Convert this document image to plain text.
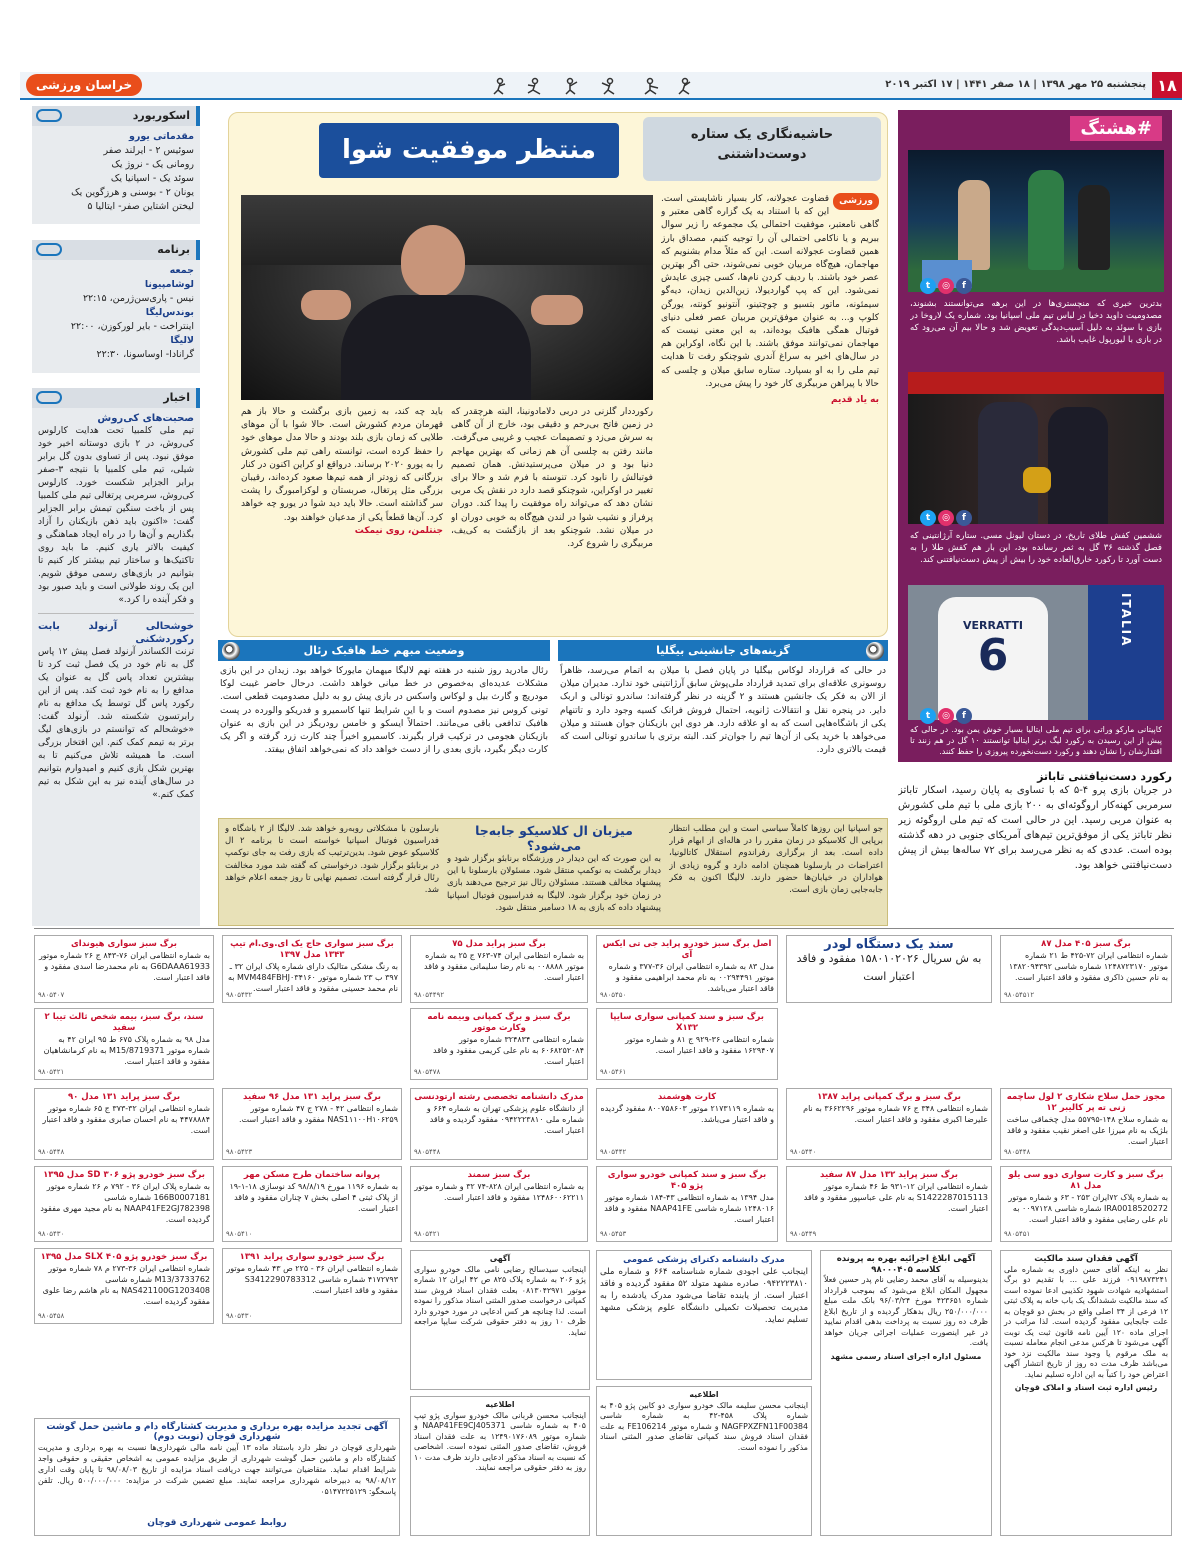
۱۸
پنجشنبه ۲۵ مهر ۱۳۹۸ | ۱۸ صفر ۱۴۴۱ | ۱۷ اکتبر ۲۰۱۹
خراسان ورزشی
اسکوربورد
مقدماتی یورو
سوئیس ۲ - ایرلند صفر
رومانی یک - نروژ یک
سوئد یک - اسپانیا یک
یونان ۲ - بوسنی و هرزگوین یک
لیختن اشتاین صفر- ایتالیا ۵
برنامه
جمعه
لوشامپیونا
نیس - پاری‌سن‌ژرمن، ۲۲:۱۵
بوندس‌لیگا
اینتراخت - بایر لورکوزن، ۲۲:۰۰
لالیگا
گرانادا- اوساسونا، ۲۲:۳۰
اخبار
صحبت‌های کی‌روش
تیم ملی کلمبیا تحت هدایت کارلوس کی‌روش، در ۲ بازی دوستانه اخیر خود موفق نبود. پس از تساوی بدون گل برابر شیلی، تیم ملی کلمبیا با نتیجه ۳-صفر برابر الجزایر شکست خورد. کارلوس کی‌روش، سرمربی پرتغالی تیم ملی کلمبیا پس از باخت سنگین تیمش برابر الجزایر گفت: «اکنون باید ذهن بازیکنان را آزاد بگذاریم و آن‌ها را در راه ایجاد هماهنگی و کیفیت بالاتر یاری کنیم. ما باید روی تاکتیک‌ها و ساختار تیم بیشتر کار کنیم تا بتوانیم در بازی‌های رسمی موفق شویم. این یک روند طولانی است و باید صبور بود و فکر آینده را کرد.»
خوشحالی آرنولد بابت رکوردشکنی
ترنت الکساندر آرنولد فصل پیش ۱۲ پاس گل به نام خود در یک فصل ثبت کرد تا بیشترین تعداد پاس گل به عنوان یک مدافع را به نام خود ثبت کند. پس از این رکورد پاس گل توسط یک مدافع به نام رابرتسون شکسته شد. آرنولد گفت: «خوشحالم که توانستم در بازی‌های لیگ برتر به تیمم کمک کنم. این افتخار بزرگی است. ما همیشه تلاش می‌کنیم تا به بهترین شکل بازی کنیم و امیدوارم بتوانیم در سال‌های آینده نیز به این شکل به تیم کمک کنم.»
#هشتگ
t	◎	f
بدترین خبری که منچستری‌ها در این برهه می‌توانستند بشنوند، مصدومیت داوید دخیا در لباس تیم ملی اسپانیا بود. شماره یک لاروخا در بازی با سوئد به دلیل آسیب‌دیدگی تعویض شد و حالا بیم آن می‌رود که در بازی با لیورپول غایب باشد.
t	◎	f
ششمین کفش طلای تاریخ، در دستان لیونل مسی. ستاره آرژانتینی که فصل گذشته ۳۶ گل به ثمر رسانده بود، این بار هم کفش طلا را به دست آورد تا رکورد خارق‌العاده خود را بیش از پیش دست‌نیافتنی کند.
VERRATTI
6
ITALIA
t	◎	f
کاپیتانی مارکو وراتی برای تیم ملی ایتالیا بسیار خوش یمن بود. در حالی که پیش از این رسیدن به رکورد لیگ برتر ایتالیا توانستند ۱۰ گل در هم زنند تا اقتدارشان را نشان دهند و رکورد دست‌نخورده پیروزی را حفظ کنند.
رکورد دست‌نیافتنی تاباتز
در جریان بازی پرو ۴-۵ که با تساوی به پایان رسید، اسکار تاباتز سرمربی کهنه‌کار اروگوئه‌ای به ۲۰۰ بازی ملی با تیم ملی کشورش به عنوان مربی رسید. این در حالی است که تیم ملی اروگوئه زیر نظر تاباتز یکی از موفق‌ترین تیم‌های آمریکای جنوبی در دهه گذشته بوده است. عددی که به نظر می‌رسد برای ۷۲ ساله‌ها بیش از پیش دست‌نیافتنی خواهد بود.
حاشیه‌نگاری یک ستاره دوست‌داشتنی
منتظر موفقیت شوا
ورزشی
قضاوت عجولانه، کار بسیار ناشایستی است. این که با استناد به یک گزاره گاهی معتبر و گاهی نامعتبر، موفقیت احتمالی یک مجموعه را زیر سوال ببریم و یا ناکامی احتمالی آن را توجیه کنیم، مصداق بارز همین قضاوت عجولانه است. این که مثلاً مدام بشنویم که مهاجمان، هیچ‌گاه مربیان خوبی نمی‌شوند، حتی اگر بهترین عصر خود باشند. با ردیف کردن نام‌ها، کسی چیزی عایدش نمی‌شود. این که پپ گواردیولا، زین‌الدین زیدان، دیه‌گو سیمئونه، ماتور بتسیو و چوچتینو، آنتونیو کونته، یورگن کلوپ و... به عنوان موفق‌ترین مربیان عصر فعلی دنیای فوتبال همگی هافبک بوده‌اند، به این معنی نیست که مهاجمان نمی‌توانند موفق باشند. با این نگاه، اوکراین هم در سال‌های اخیر به سراغ آندری شوچنکو رفت تا هدایت تیم ملی را به او بسپارد. ستاره سابق میلان و چلسی که حالا با پیراهن مربیگری کار خود را پیش می‌برد.
به یاد قدیم
رکورددار گلزنی در دربی دلامادونینا، البته هرچقدر که در زمین فاتح بی‌رحم و دقیقی بود، خارج از آن گاهی به سرش می‌زد و تصمیمات عجیب و غریبی می‌گرفت. مانند رفتن به چلسی آن هم زمانی که بهترین مهاجم دنیا بود و در میلان می‌پرستیدنش. همان تصمیم فوتبالش را نابود کرد. تنوسته با فرم شد و حالا برای تغییر در اوکراین، شوچنکو قصد دارد در نقش یک مربی نشان دهد که می‌تواند راه موفقیت را پیدا کند. دوران پرفراز و نشیب شوا در لندن هیچ‌گاه به خوبی دوران او در میلان نشد. شوچنکو بعد از بازگشت به کی‌یف، مربیگری را شروع کرد.
باید چه کند، به زمین بازی برگشت و حالا باز هم قهرمان مردم کشورش است. حالا شوا با آن موهای طلایی که زمان بازی بلند بودند و حالا مدل موهای خود را حفظ کرده است، توانسته راهی تیم ملی کشورش را به یورو ۲۰۲۰ برساند. درواقع او کراین اکنون در کنار بزرگانی که زودتر از همه تیم‌ها صعود کرده‌اند، رقیبان بزرگی مثل پرتغال، صربستان و لوکزامبورگ را پشت سر گذاشته است. حالا باید دید شوا در یورو چه خواهد کرد. آن‌ها قطعاً یکی از مدعیان خواهند بود.
جنتلمن، روی نیمکت
گزینه‌های جانشینی بیگلیا
در حالی که قرارداد لوکاس بیگلیا در پایان فصل با میلان به اتمام می‌رسد، ظاهراً روسونری علاقه‌ای برای تمدید قرارداد ملی‌پوش سابق آرژانتینی خود ندارد. مدیران میلان از الان به فکر یک جانشین هستند و ۲ گزینه در نظر گرفته‌اند: ساندرو تونالی و اربک دایر. در پنجره نقل و انتقالات ژانویه، احتمال فروش فرانک کسیه وجود دارد و تاتنهام یکی از باشگاه‌هایی است که به او علاقه دارد. هر دوی این بازیکنان جوان هستند و میلان می‌خواهد با خرید یکی از آن‌ها تیم را جوان‌تر کند. البته برتری با ساندرو تونالی است که قیمت بالاتری دارد.
وضعیت مبهم خط هافبک رئال
رئال مادرید روز شنبه در هفته نهم لالیگا میهمان مایورکا خواهد بود. زیدان در این بازی مشکلات عدیده‌ای به‌خصوص در خط میانی خواهد داشت. درحال حاضر غیبت لوکا مودریچ و گارث بیل و لوکاس واسکس در بازی پیش رو به دلیل مصدومیت قطعی است. تونی کروس نیز مصدوم است و با این شرایط تنها کاسمیرو و فدریکو والورده در پست هافبک تدافعی باقی می‌مانند. احتمالاً ایسکو و خامس رودریگز در این بازی به عنوان بازیکنان هجومی در ترکیب قرار بگیرند. کاسمیرو اخیراً چند کارت زرد گرفته و اگر یک کارت دیگر بگیرد، بازی بعدی را از دست خواهد داد که نمی‌خواهد اتفاق بیفتد.
میزبان ال کلاسیکو جابه‌جا می‌شود؟
جو اسپانیا این روزها کاملاً سیاسی است و این مطلب انتظار برپایی ال کلاسیکو در زمان مقرر را در هاله‌ای از ابهام قرار داده است. بعد از برگزاری رفراندوم استقلال کاتالونیا، اعتراضات در بارسلونا همچنان ادامه دارد و گروه زیادی از هواداران در خیابان‌ها حضور دارند. لالیگا اکنون به فکر جابه‌جایی زمان بازی است.
به این صورت که این دیدار در ورزشگاه برنابئو برگزار شود و دیدار برگشت به نوکمپ منتقل شود. مسئولان بارسلونا با این پیشنهاد مخالف هستند. مسئولان رئال نیز ترجیح می‌دهند بازی در زمان خود برگزار شود. لالیگا به فدراسیون فوتبال اسپانیا پیشنهاد داده که بازی به ۱۸ دسامبر منتقل شود.
بارسلون با مشکلاتی روبه‌رو خواهد شد. لالیگا از ۲ باشگاه و فدراسیون فوتبال اسپانیا خواسته است تا برنامه ۲ ال کلاسیکو عوض شود. بدین‌ترتیب که بازی رفت به جای نوکمپ در برنابئو برگزار شود. درخواستی که گفته شد مورد مخالفت رئال قرار گرفته است. تصمیم نهایی تا روز جمعه اعلام خواهد شد.
برگ سبز ۴۰۵ مدل ۸۷
شماره انتظامی ایران ۷۲-۴۲۵ ط ۲۱ شماره موتور ۱۲۴۸۷۲۳۱۷۰ شماره شاسی ۱۳۸۲۰۹۴۳۹۲ به نام حسین ذاکری مفقود و فاقد اعتبار است.
۹۸۰۵۴۵۱۲
سند یک دستگاه لودر
به ش سریال ۱۵۸۰۱۰۲۰۲۶ مفقود و فاقد اعتبار است
اصل برگ سبز خودرو پراید جی تی ایکس آی
مدل ۸۳ به شماره انتظامی ایران ۳۶-۳۷۷ و شماره موتور ۰۰۲۹۴۴۹۱ به نام محمد ابراهیمی مفقود و فاقد اعتبار می‌باشد.
۹۸۰۵۴۵۰
برگ سبز پراید مدل ۷۵
به شماره انتظامی ایران ۷۴-۷۶۳ ج ۲۵ به شماره موتور ۰۰۸۸۸۸ به نام رضا سلیمانی مفقود و فاقد اعتبار است.
۹۸۰۵۴۴۹۲
برگ سبز سواری حاج یک ای.وی.ام تیپ ۱۳۴۳ مدل ۱۳۹۷
به رنگ مشکی متالیک دارای شماره پلاک ایران ۳۲ ـ ۳۹۷ ب ۲۳ شماره موتور MVM484FBHJ۰۳۴۱۶۰ به نام محمد حسینی مفقود و فاقد اعتبار است.
۹۸۰۵۴۳۲
برگ سبز سواری هیوندای
به شماره انتظامی ایران ۷۶-۸۴۳ ج ۲۶ شماره موتور G6DAAA61933 به نام محمدرضا اسدی مفقود و فاقد اعتبار است.
۹۸۰۵۴۰۷
برگ سبز و سند کمپانی سواری سایپا X۱۳۲
شماره انتظامی ۳۶-۹۲۹ ج ۸۱ و شماره موتور ۱۶۲۹۴۰۷ مفقود و فاقد اعتبار است.
۹۸۰۵۴۶۱
برگ سبز و برگ کمپانی وبیمه نامه وکارت موتور
شماره انتظامی ۳۲۴۸۳۴ شماره موتور ۶۰۶۸۲۵۲۰۸۴ به نام علی کریمی مفقود و فاقد اعتبار است.
۹۸۰۵۴۷۸
سند، برگ سبز، بیمه شخص ثالث تیبا ۲ سفید
مدل ۹۸ به شماره پلاک ۶۷۵ ط ۹۵ ایران ۴۲ به شماره موتور M15/8719371 به نام کرمانشاهیان مفقود و فاقد اعتبار است.
۹۸۰۵۴۲۱
مجوز حمل سلاح شکاری ۲ لول ساچمه زنی ته پر کالیبر ۱۲
به شماره سلاح ۱۴۸-۵۵۷۹۵ مدل چخماقی ساخت بلژیک به نام میرزا علی اصغر نقیب مفقود و فاقد اعتبار است.
۹۸۰۵۴۴۸
برگ سبز و برگ کمپانی پراید ۱۳۸۷
شماره انتظامی ۳۴۸ ج ۷۶ شماره موتور ۳۶۶۲۲۹۶ به نام علیرضا اکبری مفقود و فاقد اعتبار است.
۹۸۰۵۴۴۰
کارت هوشمند
به شماره ۲۱۷۳۱۱۹ موتور ۸۰۰۷۵۸۶۰۳ مفقود گردیده و فاقد اعتبار می‌باشد.
۹۸۰۵۴۴۲
مدرک دانشنامه تخصصی رشته ارتودنسی
از دانشگاه علوم پزشکی تهران به شماره ۶۶۴ و شماره ملی ۰۹۴۲۲۲۳۸۱۰ مفقود گردیده و فاقد اعتبار است.
۹۸۰۵۴۴۸
برگ سبز پراید ۱۳۱ مدل ۹۶ سفید
شماره انتظامی ۴۲ - ۲۷۸ ج ۴۷ شماره موتور NAS1۱۱۰۰H۱۰۶۲۵۹ مفقود و فاقد اعتبار است.
۹۸۰۵۴۲۳
برگ سبز پراید ۱۳۱ مدل ۹۰
شماره انتظامی ایران ۳۲-۳۷۳ ج ۶۵ شماره موتور ۴۴۷۸۸۸۴ به نام احسان صابری مفقود و فاقد اعتبار است.
۹۸۰۵۴۴۸
برگ سبز خودرو پژو ۳۰۶ SD مدل ۱۳۹۵
به شماره پلاک ایران ۳۶ - ۷۹۲ م ۲۶ شماره موتور 166B0007181 شماره شاسی NAAP41FE2GJ782398 به نام مجید مهری مفقود گردیده است.
۹۸۰۵۴۳۰
پروانه ساختمان طرح مسکن مهر
به شماره ۱۱۹۶ مورخ ۹۸/۸/۱۹ کد نوسازی ۱۸-۱-۱۹ از پلاک ثبتی ۴ اصلی بخش ۷ چناران مفقود و فاقد اعتبار است.
۹۸۰۵۴۱۰
برگ سبز و سند کمپانی خودرو سواری پژو ۴۰۵
مدل ۱۳۹۴ به شماره انتظامی ۴۳-۱۸۴ شماره موتور ۱۲۴۸۰۱۶ شماره شاسی NAAP41FE مفقود و فاقد اعتبار است.
۹۸۰۵۴۵۳
برگ سبز پراید ۱۳۲ مدل ۸۷ سفید
شماره انتظامی ایران ۱۲-۹۳۱ ط ۴۶ شماره موتور S1422287015113 به نام علی عباسپور مفقود و فاقد اعتبار است.
۹۸۰۵۴۴۹
برگ سبز و کارت سواری دوو سی یلو مدل ۸۱
به شماره پلاک ۷۲ایران ۲۵۳ - ۶۳ و شماره موتور IRA0018520272 شماره شاسی ۰۰۹۷۱۲۸ به نام علی رضایی مفقود و فاقد اعتبار است.
۹۸۰۵۴۵۱
برگ سبز سمند
به شماره انتظامی ایران ۸۲۸-۷۴ ۳۲ و شماره موتور ۱۲۴۸۶۰۰۶۲۲۱۱ مفقود و فاقد اعتبار است.
۹۸۰۵۴۲۱
برگ سبز خودرو سواری پراید ۱۳۹۱
شماره انتظامی ایران ۳۶ - ۲۲۵ ص ۴۳ شماره موتور ۴۱۷۲۷۹۳ شماره شاسی S3412290783312 مفقود و فاقد اعتبار است.
۹۸۰۵۴۳۰
برگ سبز خودرو پژو SLX ۴۰۵ مدل ۱۳۹۵
شماره انتظامی ایران ۳۶-۲۷۳ م ۷۸ شماره موتور M13/3733762 شماره شاسی NAS421100G1203408 به نام هاشم رضا علوی مفقود گردیده است.
۹۸۰۵۴۵۸
آگهی تجدید مزایده بهره برداری و مدیریت کشتارگاه دام و ماشین حمل گوشت شهرداری قوچان (نوبت دوم)
شهرداری قوچان در نظر دارد باستناد ماده ۱۳ آیین نامه مالی شهرداری‌ها نسبت به بهره برداری و مدیریت کشتارگاه دام و ماشین حمل گوشت شهرداری از طریق مزایده عمومی به اشخاص حقیقی و حقوقی واجد شرایط اقدام نماید. متقاضیان می‌توانند جهت دریافت اسناد مزایده از تاریخ ۹۸/۰۸/۰۳ تا پایان وقت اداری ۹۸/۰۸/۱۲ به دبیرخانه شهرداری مراجعه نمایند. مبلغ تضمین شرکت در مزایده: ۵۰۰/۰۰۰/۰۰۰ ریال. تلفن پاسخگو: ۰۵۱۴۷۲۲۵۱۲۹
روابط عمومی شهرداری قوچان
آگهی فقدان سند مالکیت
نظر به اینکه آقای حسن داوری به شماره ملی ۰۹۱۹۸۷۳۲۴۱ فرزند علی ... با تقدیم دو برگ استشهادیه شهادت شهود تکذیبی ادعا نموده است که سند مالکیت ششدانگ یک باب خانه به پلاک ثبتی ۱۲ فرعی از ۳۴ اصلی واقع در بخش دو قوچان به علت جابجایی مفقود گردیده است. لذا مراتب در اجرای ماده ۱۲۰ آیین نامه قانون ثبت یک نوبت آگهی می‌شود تا هرکس مدعی انجام معامله نسبت به ملک مرقوم یا وجود سند مالکیت نزد خود می‌باشد ظرف مدت ده روز از تاریخ انتشار آگهی اعتراض خود را کتباً به این اداره تسلیم نماید.
رئیس اداره ثبت اسناد و املاک قوچان
آگهی ابلاغ اجرائیه بهره به پرونده کلاسه ۹۸۰۰۰۴۰۵
بدینوسیله به آقای محمد رضایی نام پدر حسین فعلاً مجهول المکان ابلاغ می‌شود که بموجب قرارداد شماره ۴۲۳۶۵۱ مورخ ۹۶/۰۳/۲۴ بانک ملت مبلغ ۲۵۰/۰۰۰/۰۰۰ ریال بدهکار گردیده و از تاریخ ابلاغ ظرف ده روز نسبت به پرداخت بدهی اقدام نمایید در غیر اینصورت عملیات اجرائی جریان خواهد یافت.
مسئول اداره اجرای اسناد رسمی مشهد
مدرک دانشنامه دکترای پزشکی عمومی
اینجانب علی اجودی شماره شناسنامه ۶۶۴ و شماره ملی ۰۹۴۲۲۲۳۸۱۰ صادره مشهد متولد ۵۲ مفقود گردیده و فاقد اعتبار است. از یابنده تقاضا می‌شود مدرک یادشده را به مدیریت تحصیلات تکمیلی دانشگاه علوم پزشکی مشهد تسلیم نماید.
اطلاعیه
اینجانب محسن سلیمه مالک خودرو سواری دو کابین پژو ۴۰۵ به شماره پلاک ۴۵۸-۴۲ به شماره شاسی NAGFPXZFN11F00384 و شماره موتور FE106214 به علت فقدان اسناد فروش سند کمپانی تقاضای صدور المثنی اسناد مذکور را نموده است.
آگهی
اینجانب سیدسالح رضایی نامی مالک خودرو سواری پژو ۲۰۶ به شماره پلاک ۸۲۵ ص ۴۲ ایران ۱۲ شماره موتور ۰۸۱۳۰۴۲۹۷۱ بعلت فقدان اسناد فروش سند کمپانی درخواست صدور المثنی اسناد مذکور را نموده است. لذا چنانچه هر کس ادعایی در مورد خودرو دارد ظرف ۱۰ روز به دفتر حقوقی شرکت سایپا مراجعه نماید.
اطلاعیه
اینجانب محسن قربانی مالک خودرو سواری پژو تیپ ۴۰۵ به شماره شاسی NAAP41FE9CJ405371 و شماره موتور ۱۲۴۹۰۱۷۶۰۸۹ به علت فقدان اسناد فروش، تقاضای صدور المثنی نموده است. اشخاصی که نسبت به اسناد مذکور ادعایی دارند ظرف مدت ۱۰ روز به دفتر حقوقی مراجعه نمایند.
